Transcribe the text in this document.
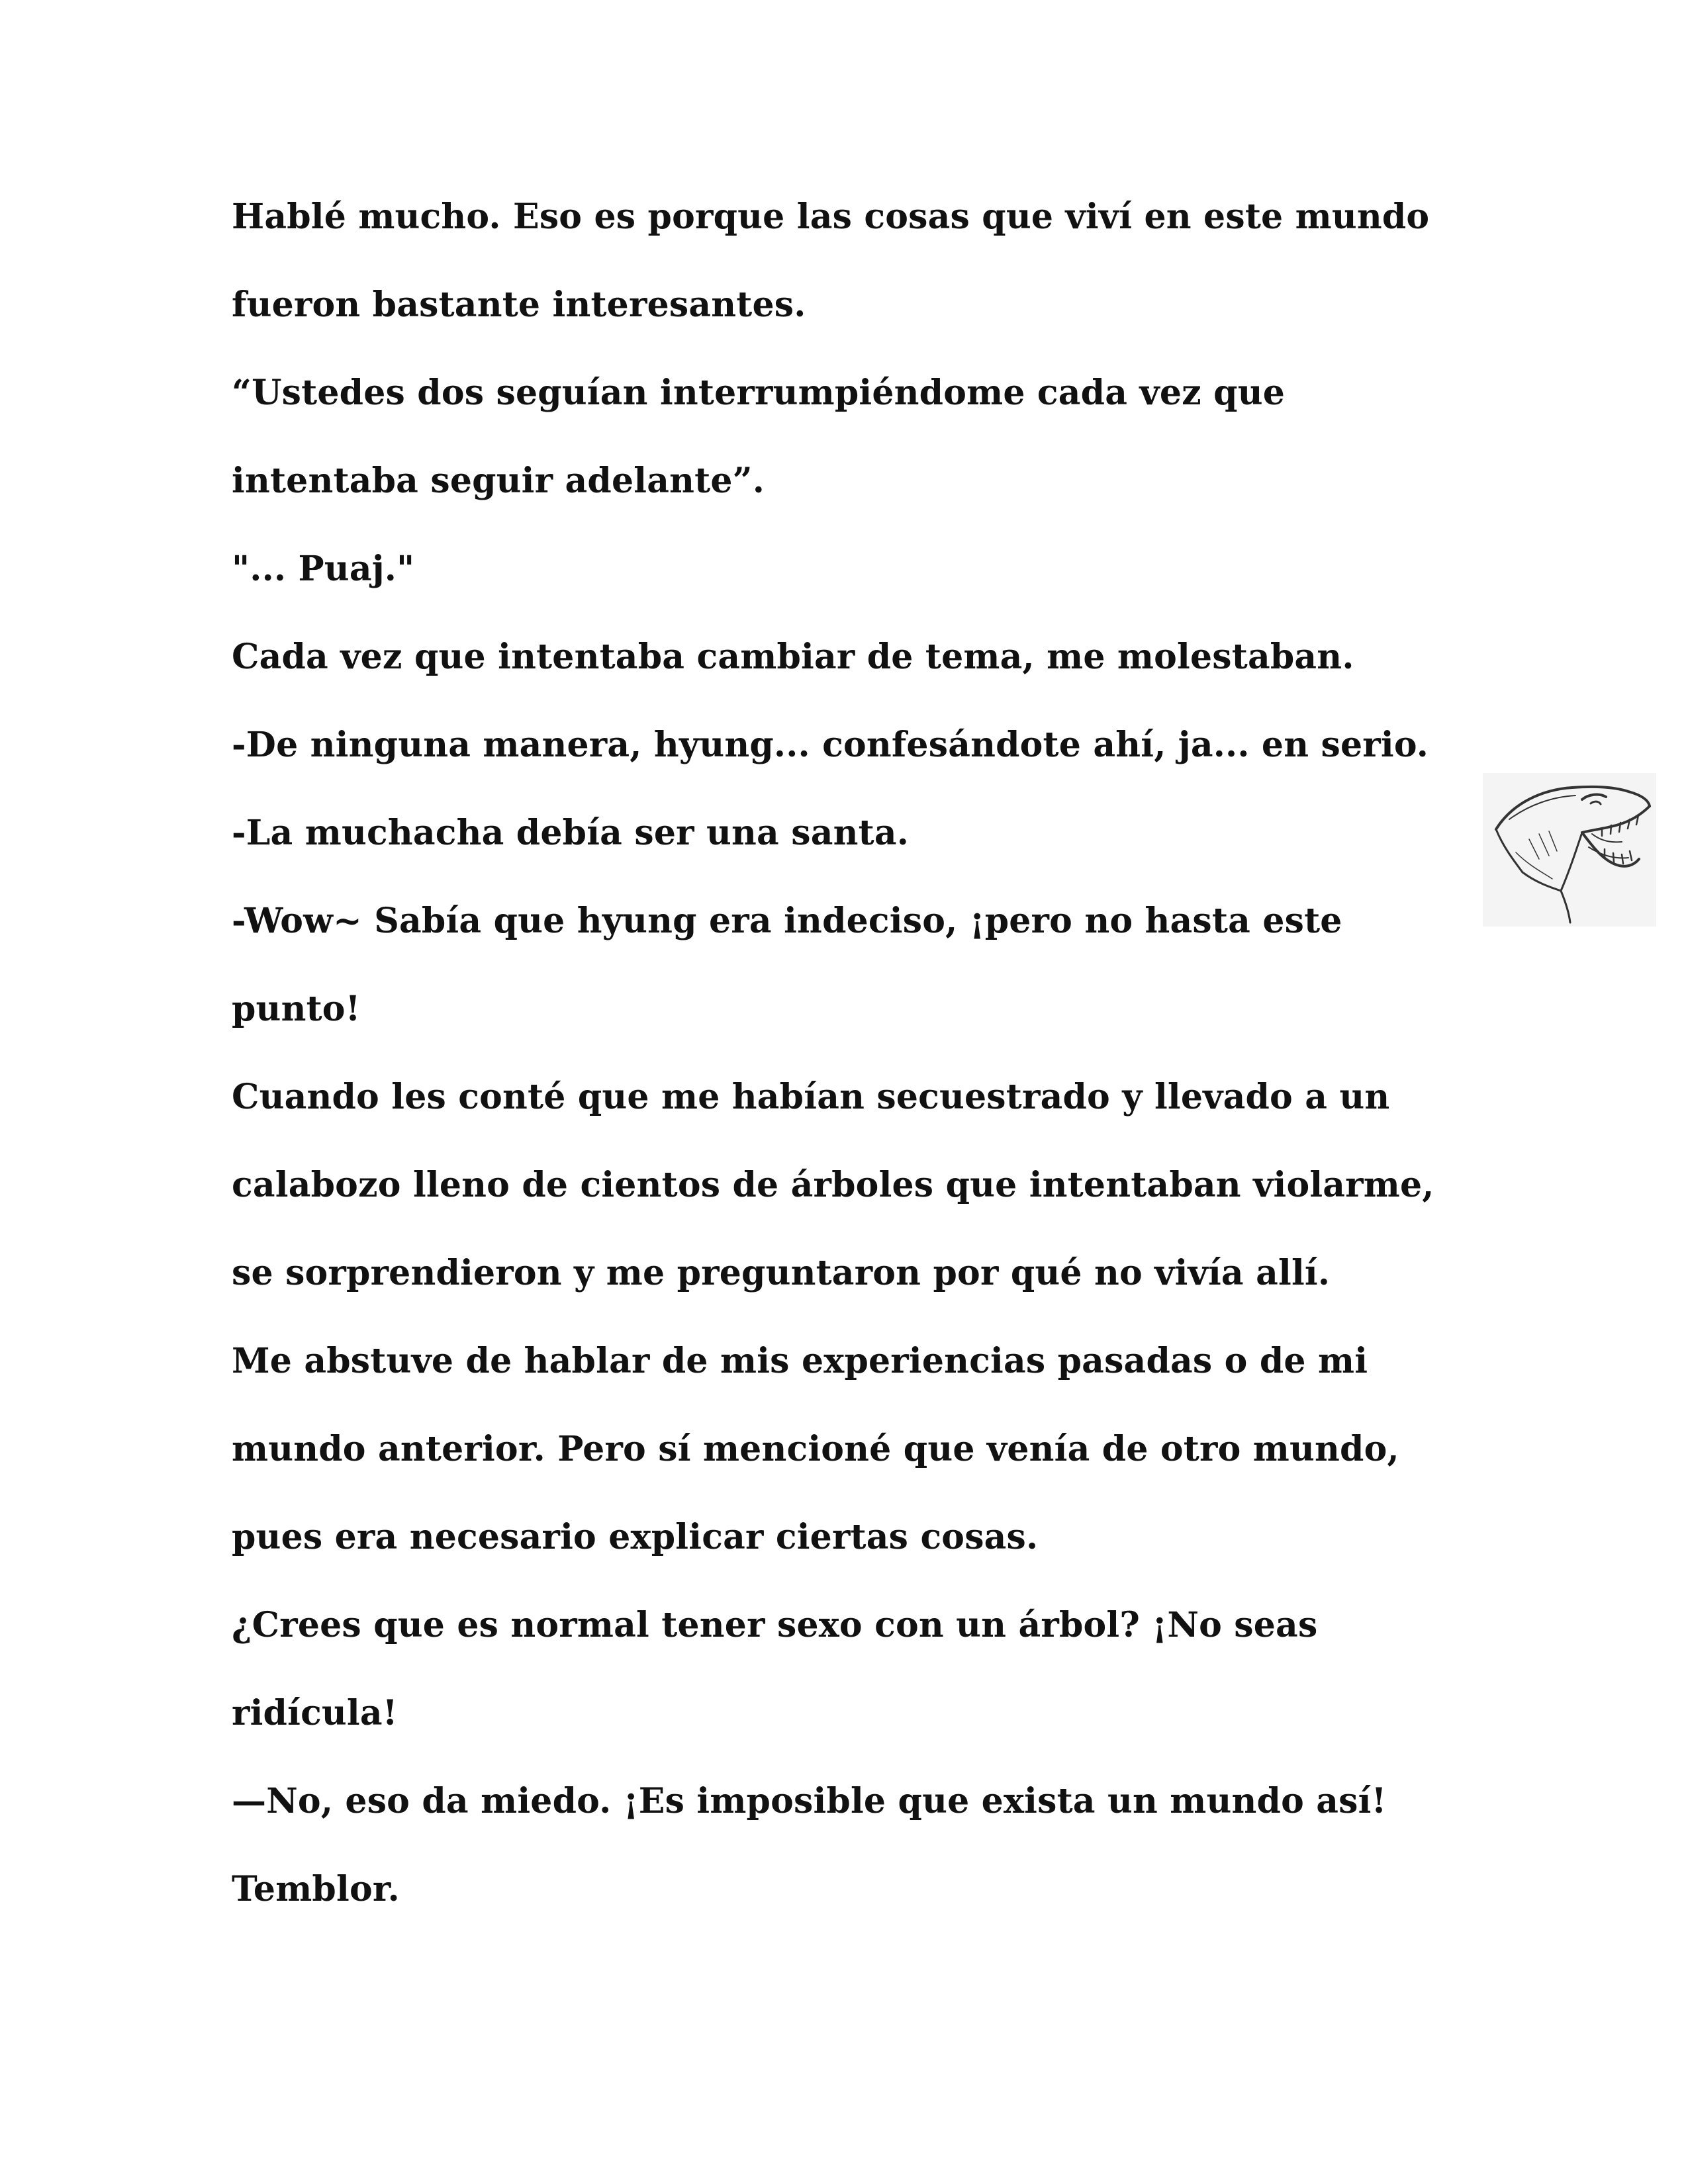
Hablé mucho. Eso es porque las cosas que viví en este mundo

fueron bastante interesantes.

“Ustedes dos seguían interrumpiéndome cada vez que

intentaba seguir adelante”.

"... Puaj."

Cada vez que intentaba cambiar de tema, me molestaban.

-De ninguna manera, hyung... confesándote ahí, ja... en serio.

-La muchacha debía ser una santa.

-Wow~ Sabía que hyung era indeciso, ¡pero no hasta este

punto!

Cuando les conté que me habían secuestrado y llevado a un

calabozo lleno de cientos de árboles que intentaban violarme,

se sorprendieron y me preguntaron por qué no vivía allí.

Me abstuve de hablar de mis experiencias pasadas o de mi

mundo anterior. Pero sí mencioné que venía de otro mundo,

pues era necesario explicar ciertas cosas.

¿Crees que es normal tener sexo con un árbol? ¡No seas

ridícula!

—No, eso da miedo. ¡Es imposible que exista un mundo así!

Temblor.
